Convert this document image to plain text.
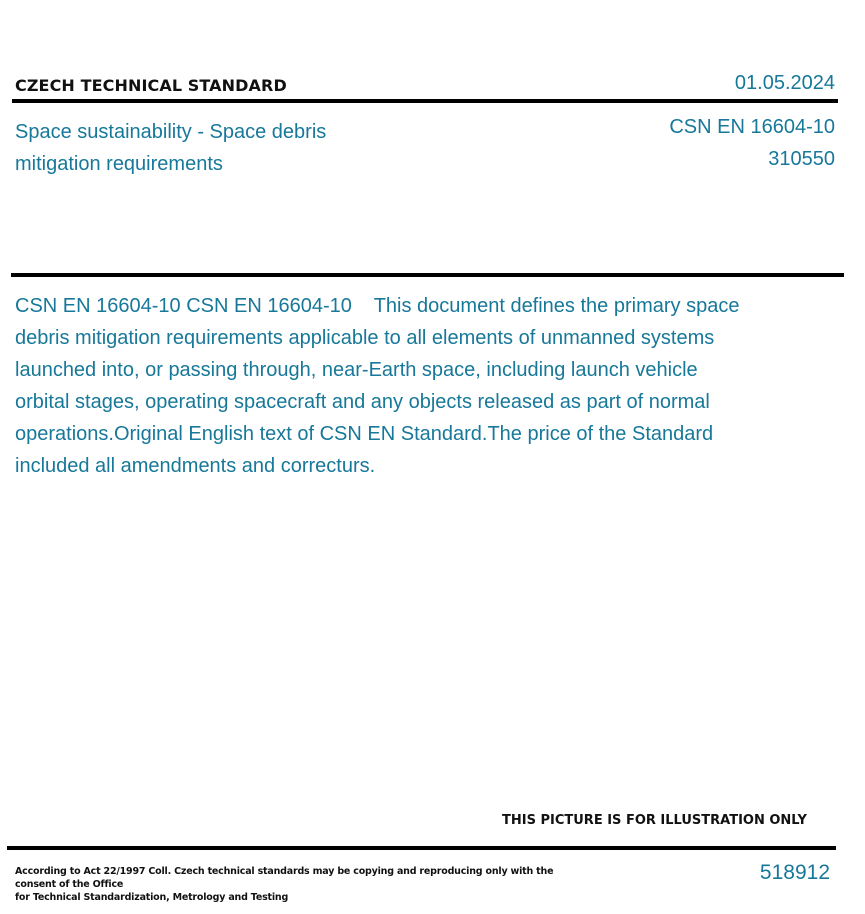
CZECH TECHNICAL STANDARD	01.05.2024
Space sustainability - Space debris
mitigation requirements
CSN EN 16604-10
310550
CSN EN 16604-10 CSN EN 16604-10    This document defines the primary space debris mitigation requirements applicable to all elements of unmanned systems launched into, or passing through, near-Earth space, including launch vehicle orbital stages, operating spacecraft and any objects released as part of normal operations.Original English text of CSN EN Standard.The price of the Standard included all amendments and correcturs.
THIS PICTURE IS FOR ILLUSTRATION ONLY
According to Act 22/1997 Coll. Czech technical standards may be copying and reproducing only with the consent of the Office
for Technical Standardization, Metrology and Testing
518912
